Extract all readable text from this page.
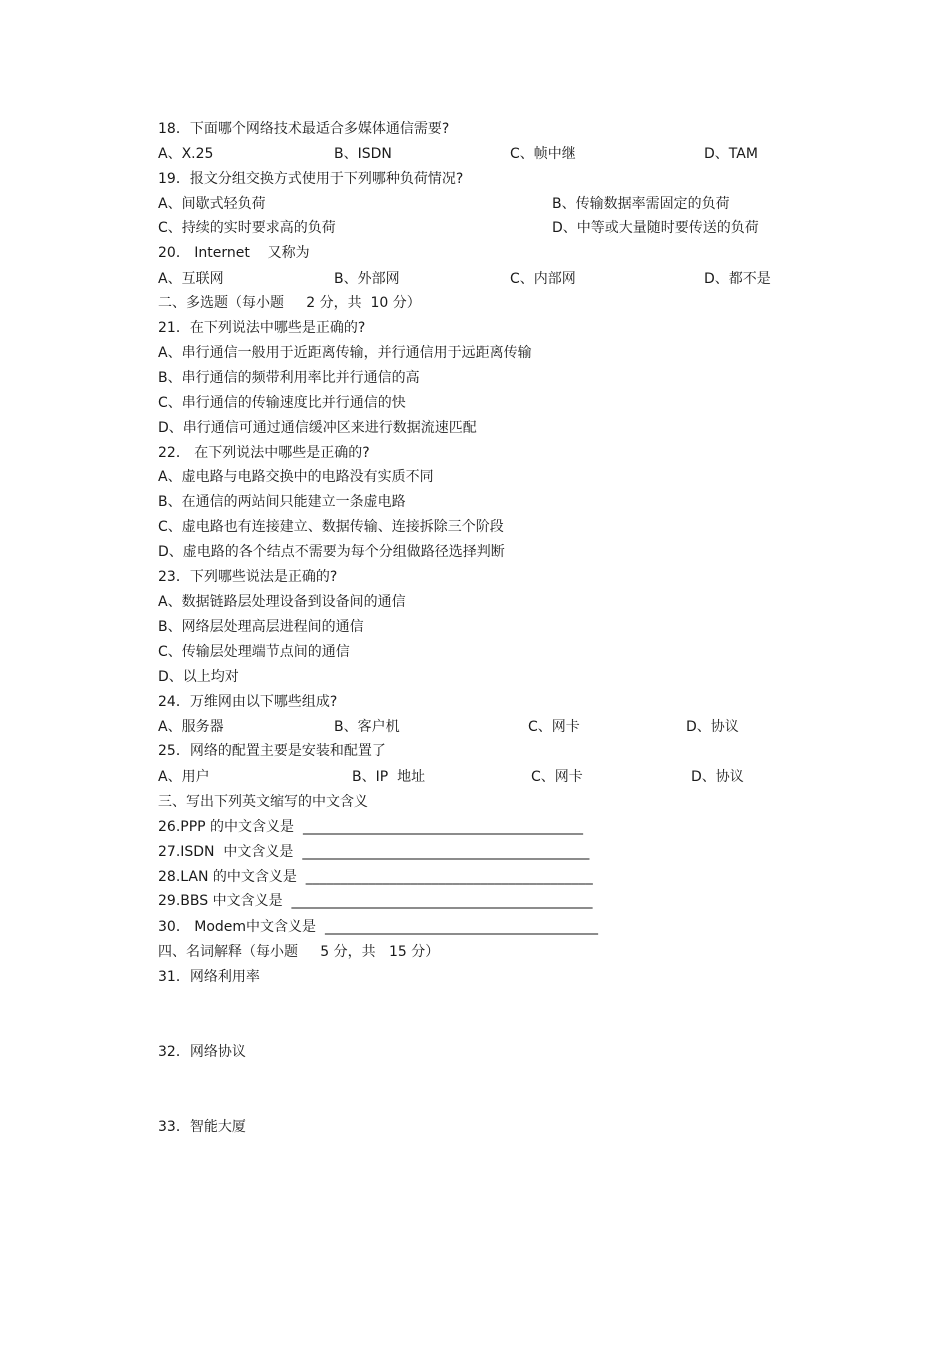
18．下面哪个网络技术最适合多媒体通信需要?
A、X.25	B、ISDN	C、帧中继	D、TAM
19．报文分组交换方式使用于下列哪种负荷情况?
A、间歇式轻负荷	B、传输数据率需固定的负荷
C、持续的实时要求高的负荷	D、中等或大量随时要传送的负荷
20． Internet    又称为
A、互联网	B、外部网	C、内部网	D、都不是
二、多选题（每小题     2 分，共  10 分）
21．在下列说法中哪些是正确的?
A、串行通信一般用于近距离传输，并行通信用于远距离传输
B、串行通信的频带利用率比并行通信的高
C、串行通信的传输速度比并行通信的快
D、串行通信可通过通信缓冲区来进行数据流速匹配
22． 在下列说法中哪些是正确的?
A、虚电路与电路交换中的电路没有实质不同
B、在通信的两站间只能建立一条虚电路
C、虚电路也有连接建立、数据传输、连接拆除三个阶段
D、虚电路的各个结点不需要为每个分组做路径选择判断
23．下列哪些说法是正确的?
A、数据链路层处理设备到设备间的通信
B、网络层处理高层进程间的通信
C、传输层处理端节点间的通信
D、以上均对
24．万维网由以下哪些组成?
A、服务器	B、客户机	C、网卡	D、协议
25．网络的配置主要是安装和配置了
A、用户	B、IP  地址	C、网卡	D、协议
三、写出下列英文缩写的中文含义
26.PPP 的中文含义是  ________________________________________
27.ISDN  中文含义是  _________________________________________
28.LAN 的中文含义是  _________________________________________
29.BBS 中文含义是  ___________________________________________
30． Modem中文含义是  _______________________________________
四、名词解释（每小题     5 分，共   15 分）
31．网络利用率
32．网络协议
33．智能大厦
